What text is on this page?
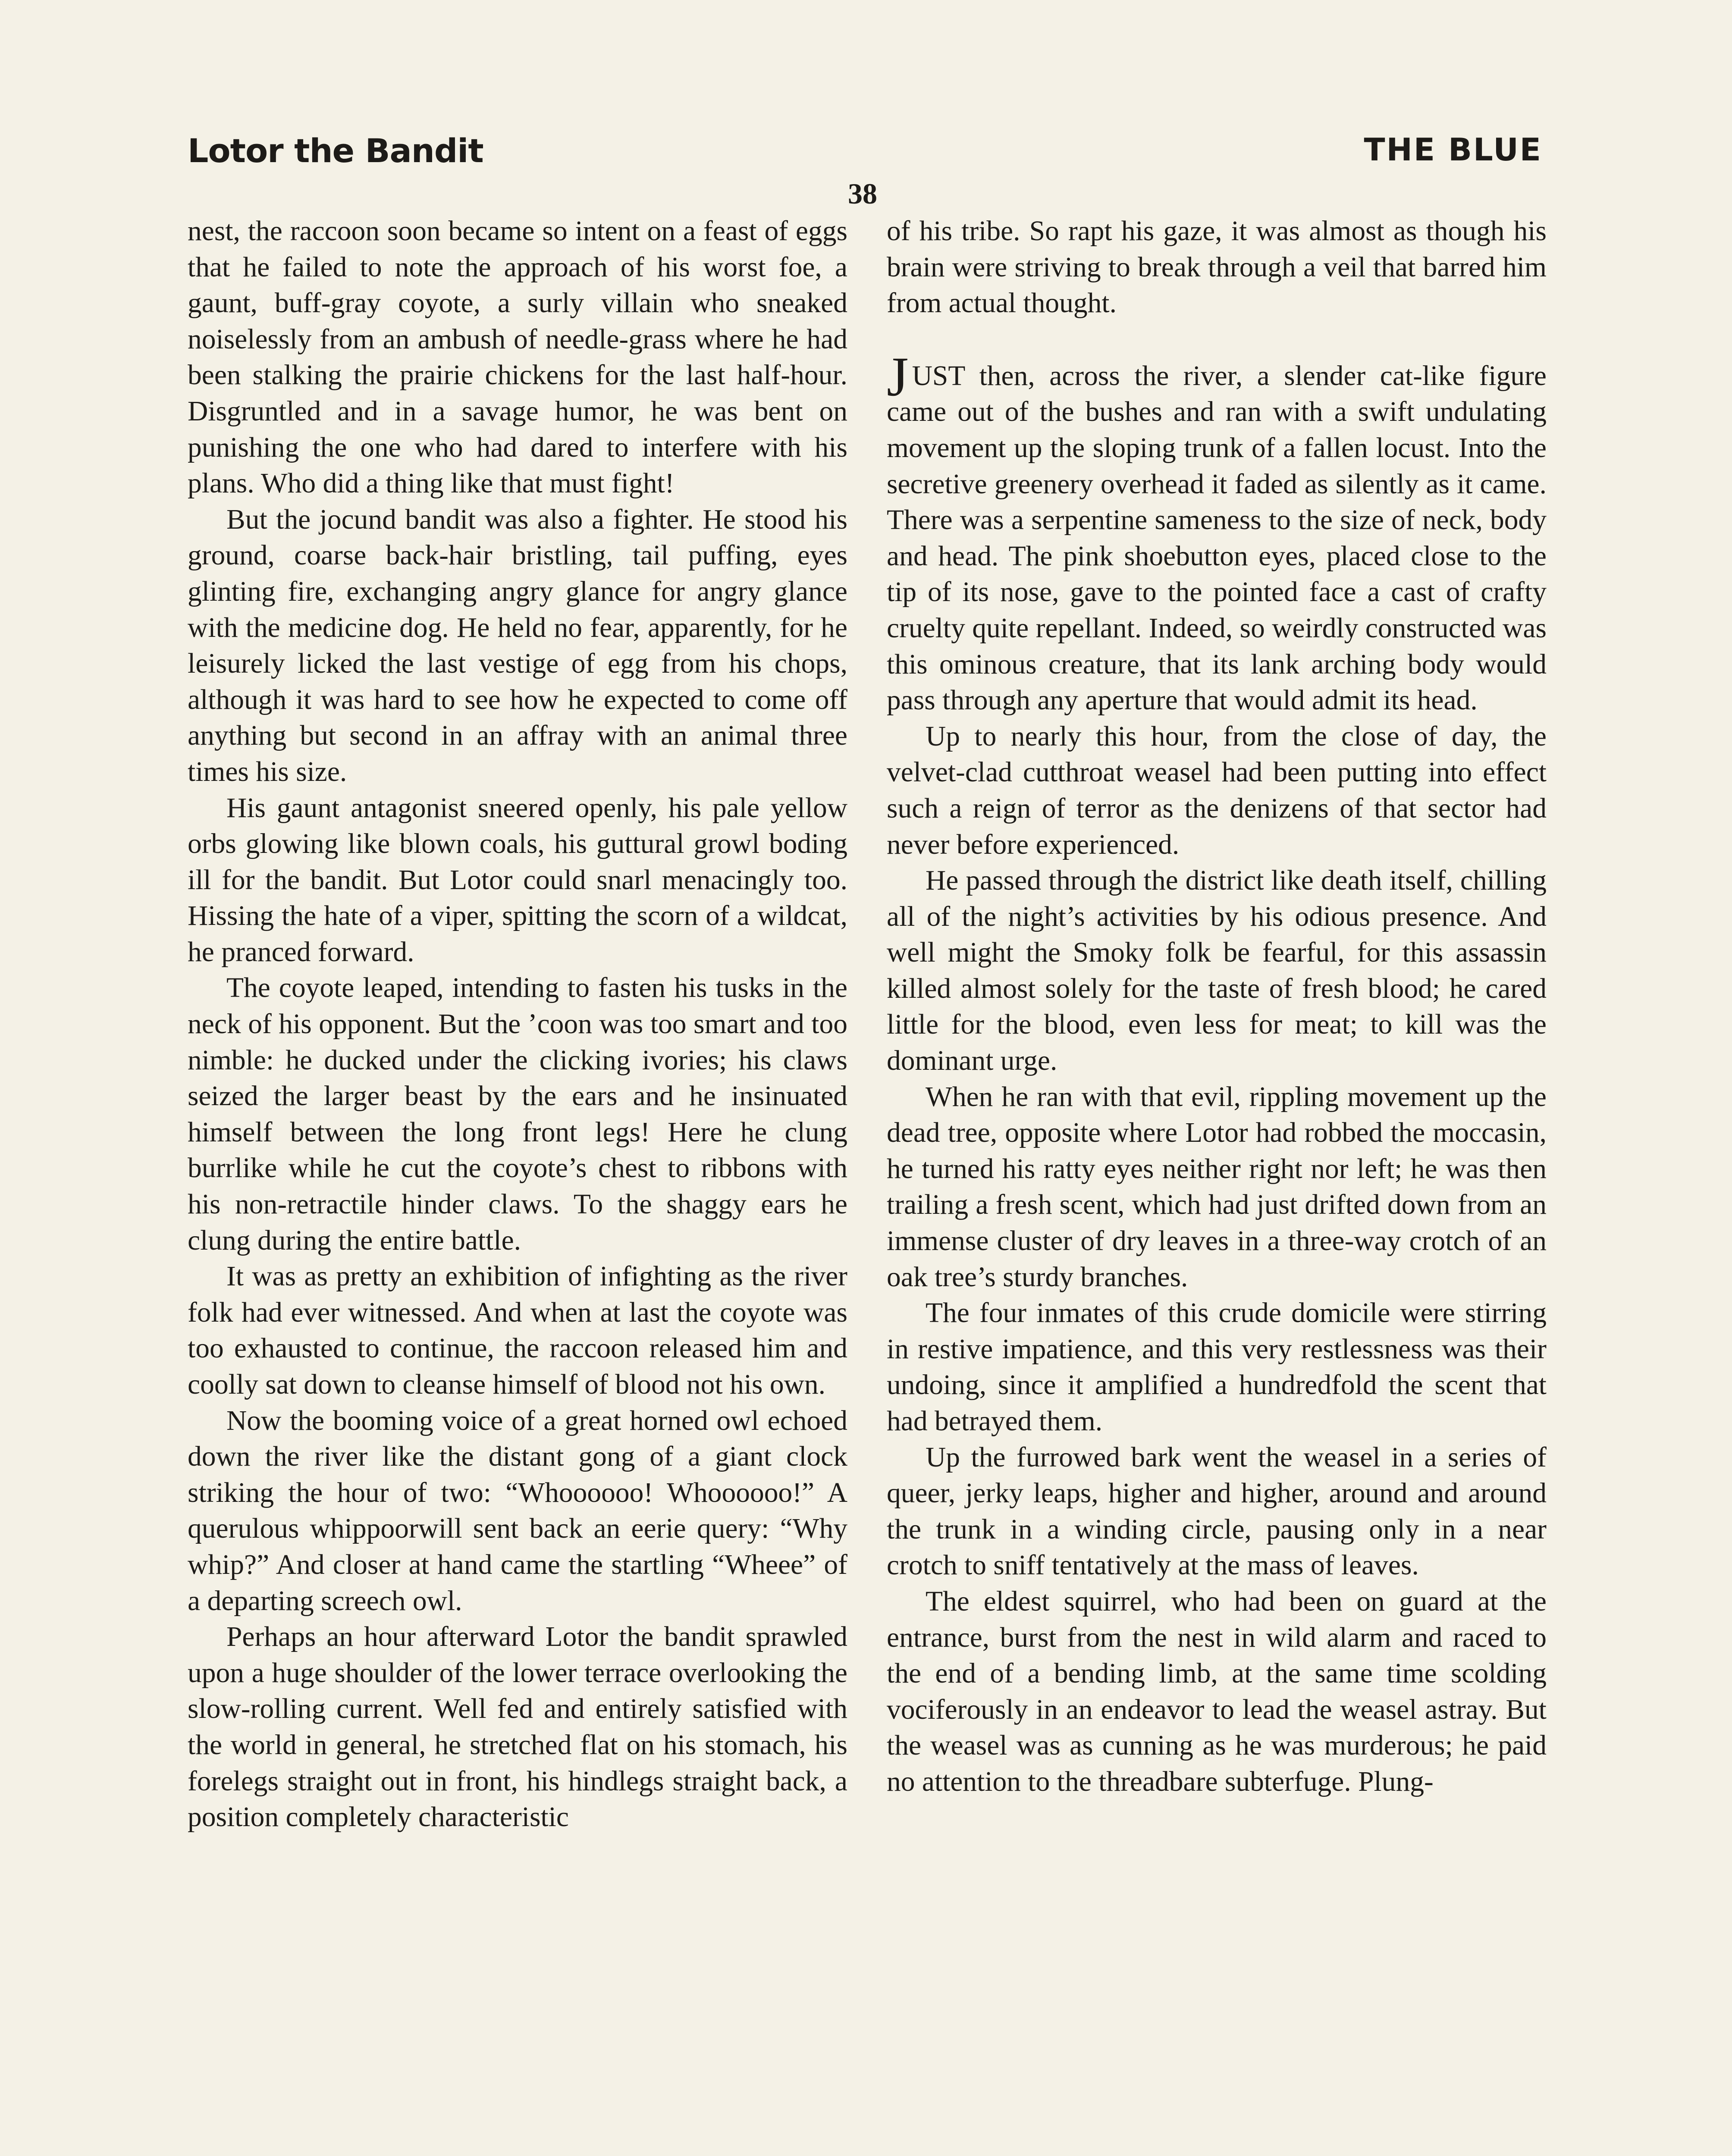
Lotor the Bandit	THE BLUE
38

nest, the raccoon soon became so intent on a feast of eggs that he failed to note the approach of his worst foe, a gaunt, buff-gray coyote, a surly villain who sneaked noiselessly from an ambush of needle-grass where he had been stalking the prairie chickens for the last half-hour. Disgruntled and in a savage humor, he was bent on punishing the one who had dared to interfere with his plans. Who did a thing like that must fight!

But the jocund bandit was also a fighter. He stood his ground, coarse back-hair bristling, tail puffing, eyes glinting fire, exchanging angry glance for angry glance with the medicine dog. He held no fear, apparently, for he leisurely licked the last vestige of egg from his chops, although it was hard to see how he expected to come off anything but second in an affray with an animal three times his size.

His gaunt antagonist sneered openly, his pale yellow orbs glowing like blown coals, his guttural growl boding ill for the bandit. But Lotor could snarl menacingly too. Hissing the hate of a viper, spitting the scorn of a wildcat, he pranced forward.

The coyote leaped, intending to fasten his tusks in the neck of his opponent. But the ’coon was too smart and too nimble: he ducked under the clicking ivories; his claws seized the larger beast by the ears and he insinuated himself between the long front legs! Here he clung burrlike while he cut the coyote’s chest to ribbons with his non-retractile hinder claws. To the shaggy ears he clung during the entire battle.

It was as pretty an exhibition of infighting as the river folk had ever witnessed. And when at last the coyote was too exhausted to continue, the raccoon released him and coolly sat down to cleanse himself of blood not his own.

Now the booming voice of a great horned owl echoed down the river like the distant gong of a giant clock striking the hour of two: “Whoooooo! Whoooooo!” A querulous whippoorwill sent back an eerie query: “Why whip?” And closer at hand came the startling “Wheee” of a departing screech owl.

Perhaps an hour afterward Lotor the bandit sprawled upon a huge shoulder of the lower terrace overlooking the slow-rolling current. Well fed and entirely satisfied with the world in general, he stretched flat on his stomach, his forelegs straight out in front, his hindlegs straight back, a position completely characteristic

of his tribe. So rapt his gaze, it was almost as though his brain were striving to break through a veil that barred him from actual thought.

JUST then, across the river, a slender cat-like figure came out of the bushes and ran with a swift undulating movement up the sloping trunk of a fallen locust. Into the secretive greenery overhead it faded as silently as it came. There was a serpentine sameness to the size of neck, body and head. The pink shoebutton eyes, placed close to the tip of its nose, gave to the pointed face a cast of crafty cruelty quite repellant. Indeed, so weirdly constructed was this ominous creature, that its lank arching body would pass through any aperture that would admit its head.

Up to nearly this hour, from the close of day, the velvet-clad cutthroat weasel had been putting into effect such a reign of terror as the denizens of that sector had never before experienced.

He passed through the district like death itself, chilling all of the night’s activities by his odious presence. And well might the Smoky folk be fearful, for this assassin killed almost solely for the taste of fresh blood; he cared little for the blood, even less for meat; to kill was the dominant urge.

When he ran with that evil, rippling movement up the dead tree, opposite where Lotor had robbed the moccasin, he turned his ratty eyes neither right nor left; he was then trailing a fresh scent, which had just drifted down from an immense cluster of dry leaves in a three-way crotch of an oak tree’s sturdy branches.

The four inmates of this crude domicile were stirring in restive impatience, and this very restlessness was their undoing, since it amplified a hundredfold the scent that had betrayed them.

Up the furrowed bark went the weasel in a series of queer, jerky leaps, higher and higher, around and around the trunk in a winding circle, pausing only in a near crotch to sniff tentatively at the mass of leaves.

The eldest squirrel, who had been on guard at the entrance, burst from the nest in wild alarm and raced to the end of a bending limb, at the same time scolding vociferously in an endeavor to lead the weasel astray. But the weasel was as cunning as he was murderous; he paid no attention to the threadbare subterfuge. Plung-
